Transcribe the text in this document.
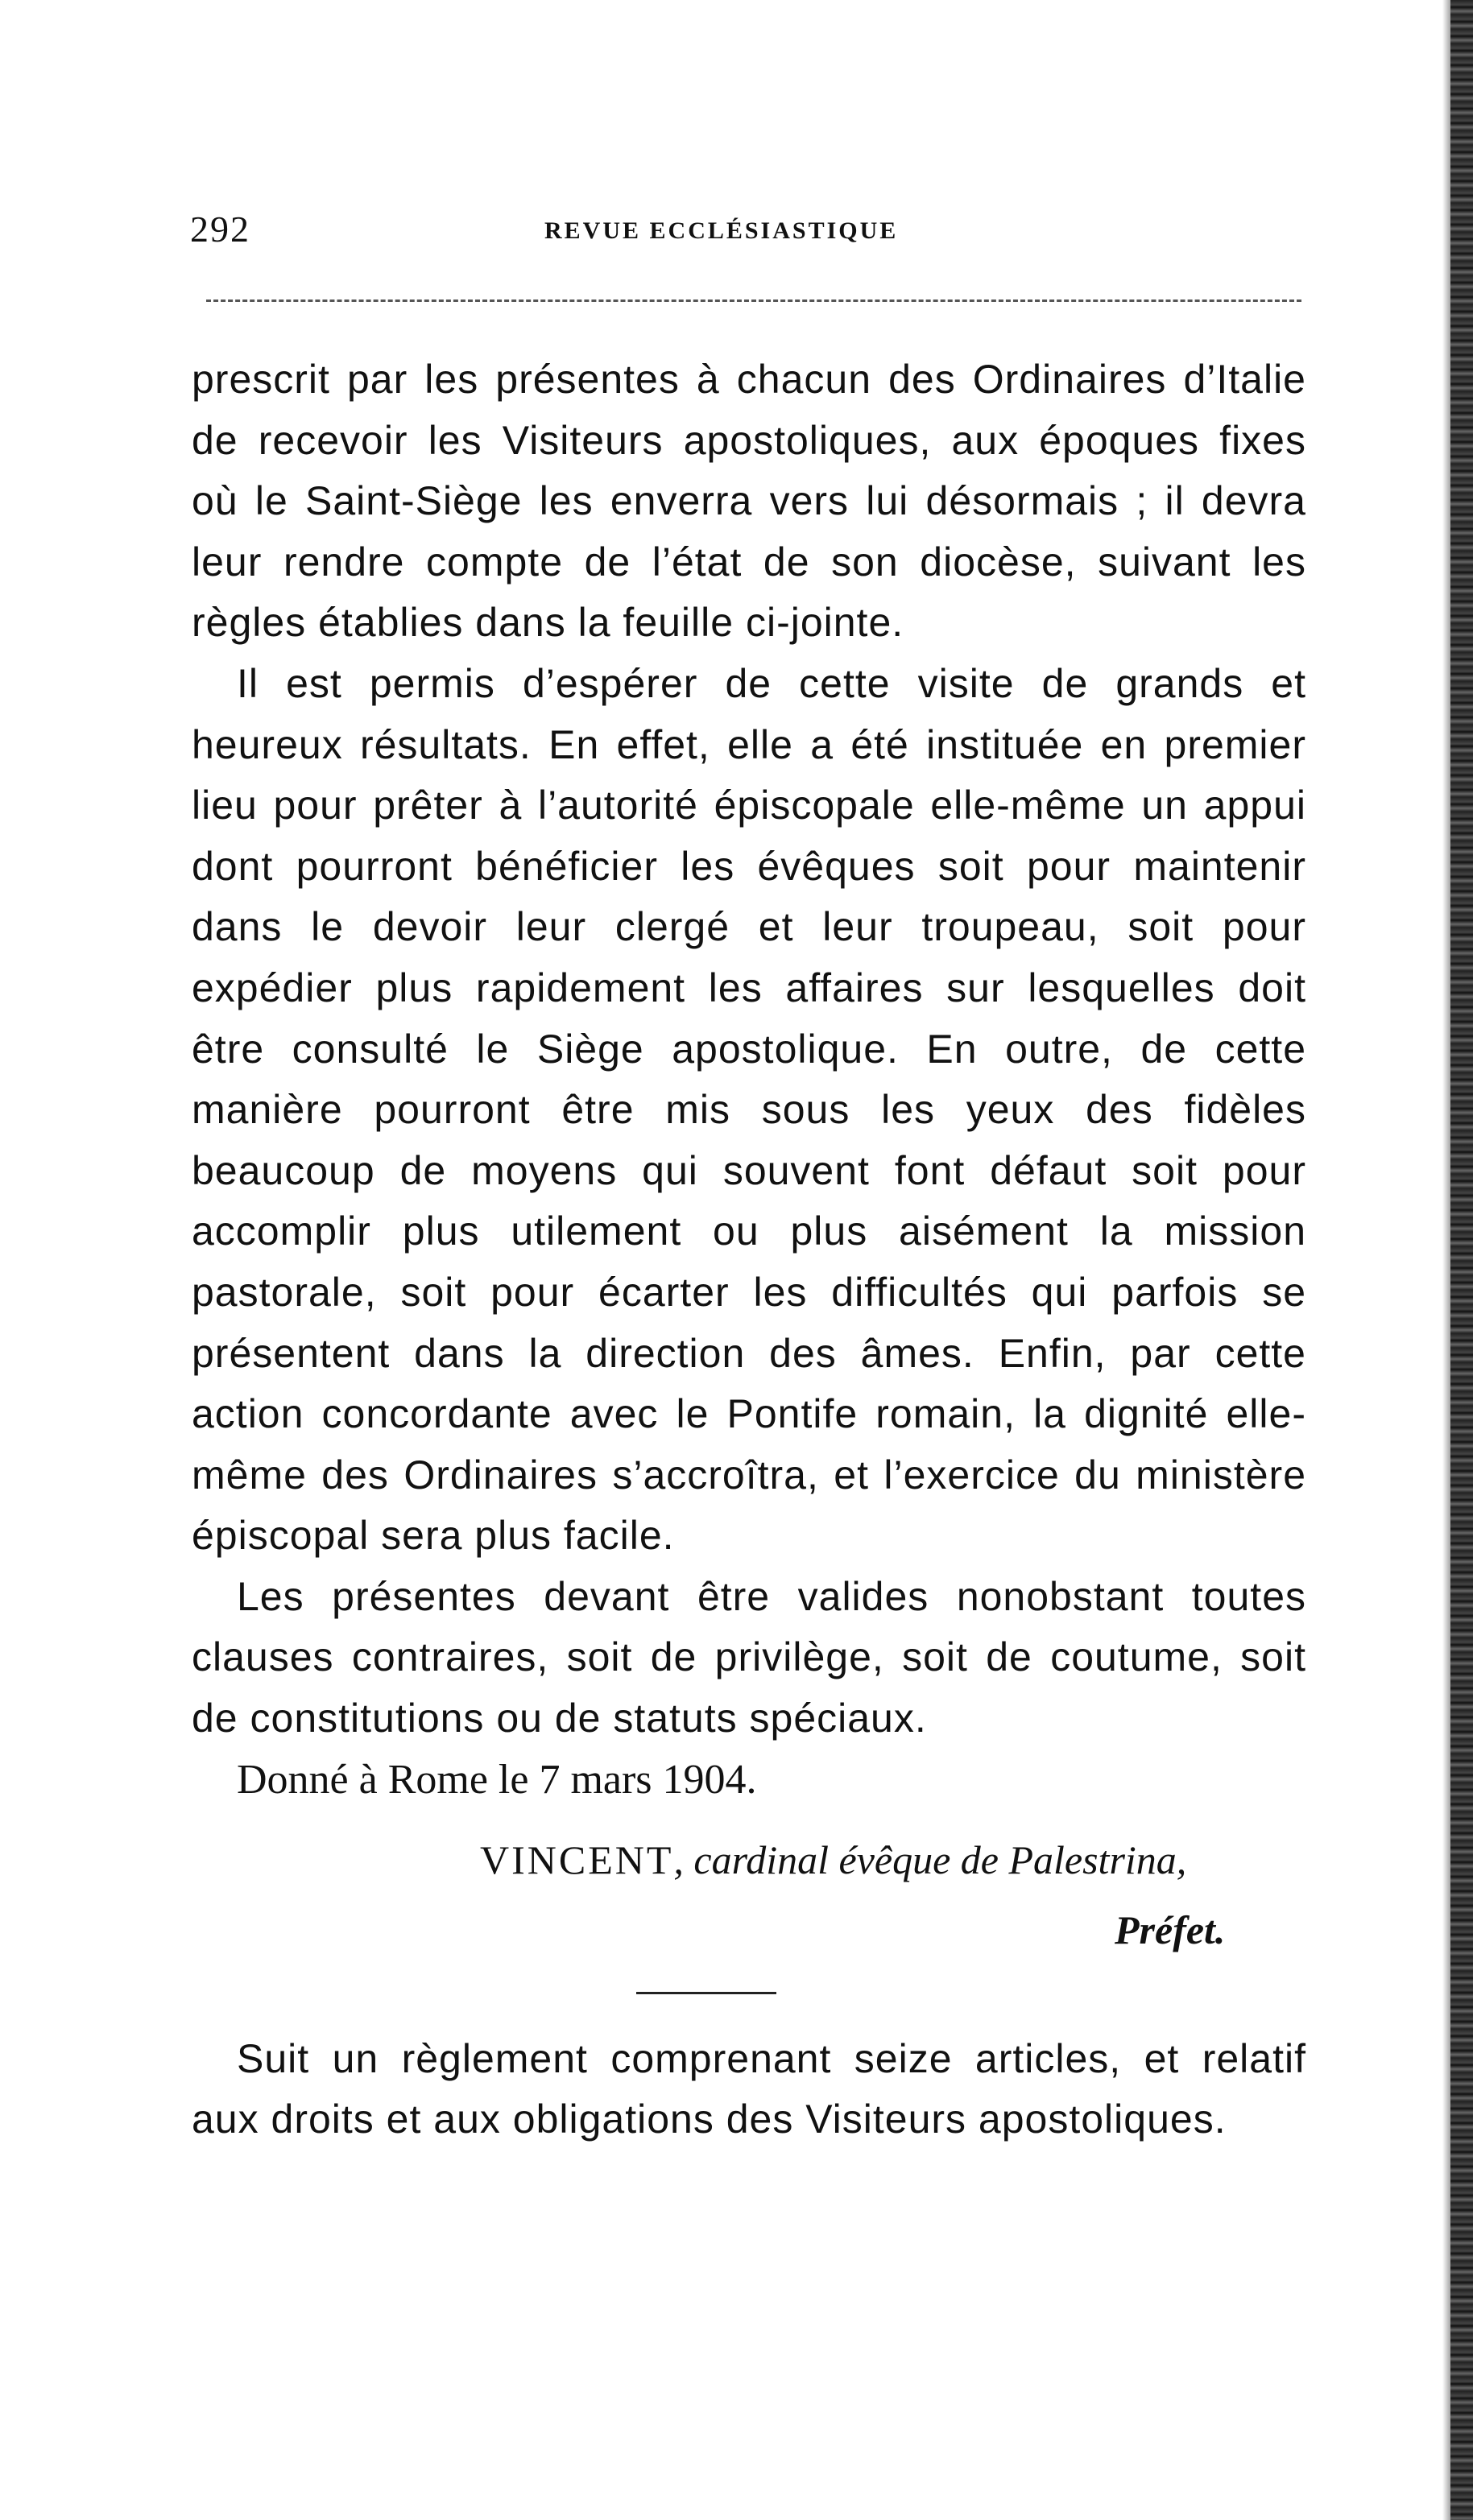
292	REVUE ECCLÉSIASTIQUE

prescrit par les présentes à chacun des Ordinaires d’Italie de recevoir les Visiteurs apostoliques, aux époques fixes où le Saint-Siège les enverra vers lui désormais ; il devra leur rendre compte de l’état de son diocèse, suivant les règles établies dans la feuille ci-jointe.

Il est permis d’espérer de cette visite de grands et heureux résultats. En effet, elle a été instituée en premier lieu pour prêter à l’autorité épiscopale elle-même un appui dont pourront bénéficier les évêques soit pour maintenir dans le devoir leur clergé et leur troupeau, soit pour expédier plus rapidement les affaires sur lesquelles doit être consulté le Siège apostolique. En outre, de cette manière pourront être mis sous les yeux des fidèles beaucoup de moyens qui souvent font défaut soit pour accomplir plus utilement ou plus aisément la mission pastorale, soit pour écarter les difficultés qui parfois se présentent dans la direction des âmes. Enfin, par cette action concordante avec le Pontife romain, la dignité elle-même des Ordinaires s’accroîtra, et l’exercice du ministère épiscopal sera plus facile.

Les présentes devant être valides nonobstant toutes clauses contraires, soit de privilège, soit de coutume, soit de constitutions ou de statuts spéciaux.

Donné à Rome le 7 mars 1904.
VINCENT, cardinal évêque de Palestrina,
Préfet.

Suit un règlement comprenant seize articles, et relatif aux droits et aux obligations des Visiteurs apostoliques.
